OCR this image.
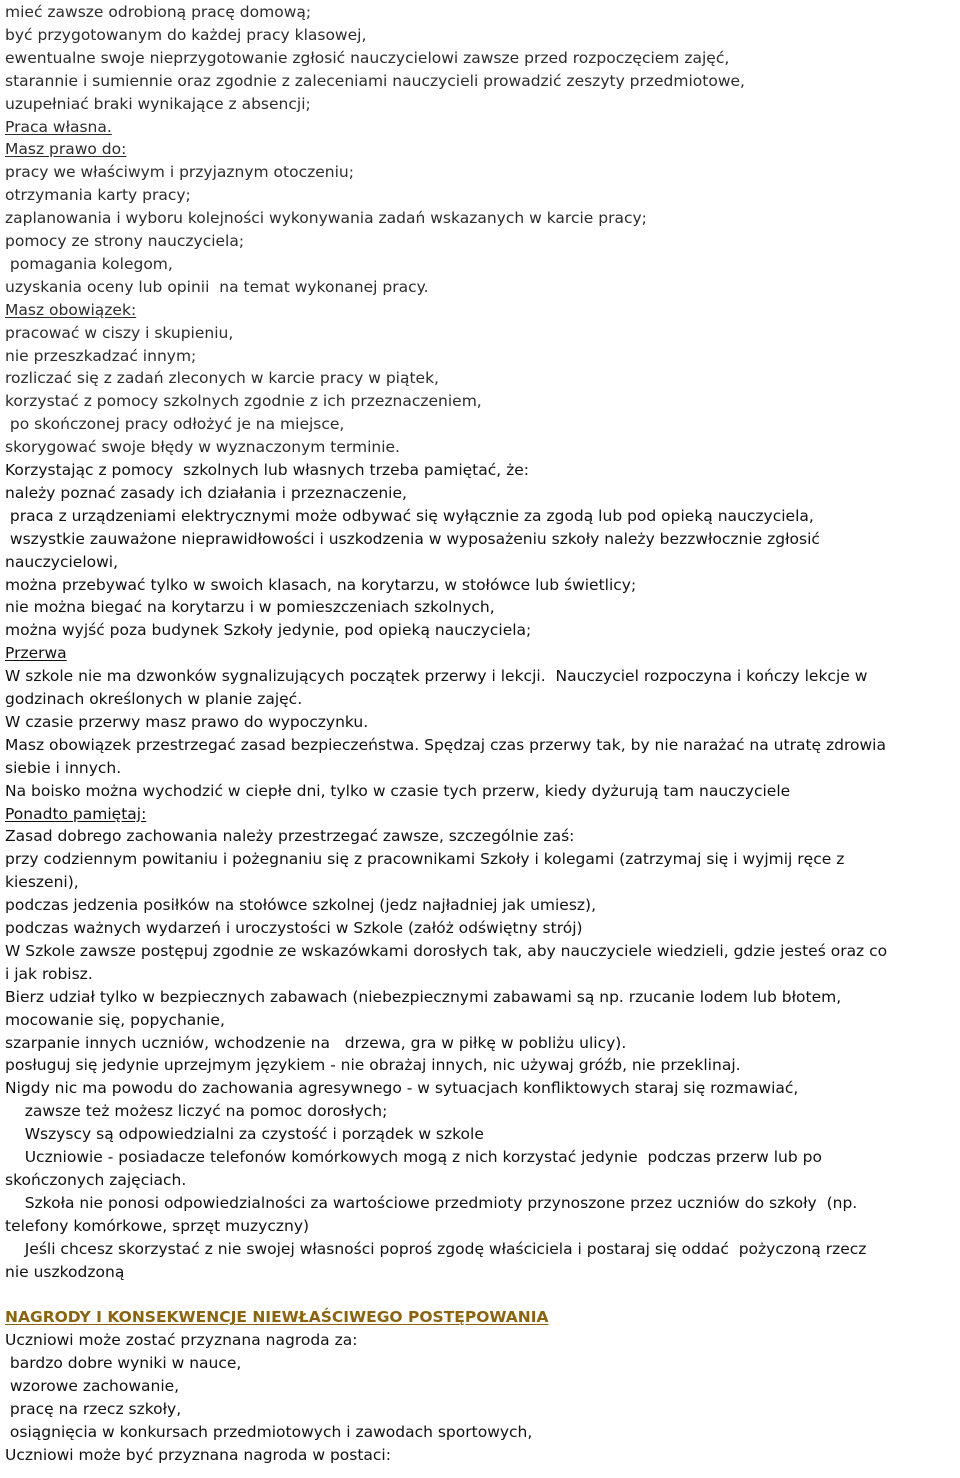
mieć zawsze odrobioną pracę domową;
być przygotowanym do każdej pracy klasowej,
ewentualne swoje nieprzygotowanie zgłosić nauczycielowi zawsze przed rozpoczęciem zajęć,
starannie i sumiennie oraz zgodnie z zaleceniami nauczycieli prowadzić zeszyty przedmiotowe,
uzupełniać braki wynikające z absencji;
Praca własna.
Masz prawo do:
pracy we właściwym i przyjaznym otoczeniu;
otrzymania karty pracy;
zaplanowania i wyboru kolejności wykonywania zadań wskazanych w karcie pracy;
pomocy ze strony nauczyciela;
pomagania kolegom,
uzyskania oceny lub opinii  na temat wykonanej pracy.
Masz obowiązek:
pracować w ciszy i skupieniu,
nie przeszkadzać innym;
rozliczać się z zadań zleconych w karcie pracy w piątek,
korzystać z pomocy szkolnych zgodnie z ich przeznaczeniem,
po skończonej pracy odłożyć je na miejsce,
skorygować swoje błędy w wyznaczonym terminie.
Korzystając z pomocy  szkolnych lub własnych trzeba pamiętać, że:
należy poznać zasady ich działania i przeznaczenie,
praca z urządzeniami elektrycznymi może odbywać się wyłącznie za zgodą lub pod opieką nauczyciela,
wszystkie zauważone nieprawidłowości i uszkodzenia w wyposażeniu szkoły należy bezzwłocznie zgłosić
nauczycielowi,
można przebywać tylko w swoich klasach, na korytarzu, w stołówce lub świetlicy;
nie można biegać na korytarzu i w pomieszczeniach szkolnych,
można wyjść poza budynek Szkoły jedynie, pod opieką nauczyciela;
Przerwa
W szkole nie ma dzwonków sygnalizujących początek przerwy i lekcji.  Nauczyciel rozpoczyna i kończy lekcje w
godzinach określonych w planie zajęć.
W czasie przerwy masz prawo do wypoczynku.
Masz obowiązek przestrzegać zasad bezpieczeństwa. Spędzaj czas przerwy tak, by nie narażać na utratę zdrowia
siebie i innych.
Na boisko można wychodzić w ciepłe dni, tylko w czasie tych przerw, kiedy dyżurują tam nauczyciele
Ponadto pamiętaj:
Zasad dobrego zachowania należy przestrzegać zawsze, szczególnie zaś:
przy codziennym powitaniu i pożegnaniu się z pracownikami Szkoły i kolegami (zatrzymaj się i wyjmij ręce z
kieszeni),
podczas jedzenia posiłków na stołówce szkolnej (jedz najładniej jak umiesz),
podczas ważnych wydarzeń i uroczystości w Szkole (załóż odświętny strój)
W Szkole zawsze postępuj zgodnie ze wskazówkami dorosłych tak, aby nauczyciele wiedzieli, gdzie jesteś oraz co
i jak robisz.
Bierz udział tylko w bezpiecznych zabawach (niebezpiecznymi zabawami są np. rzucanie lodem lub błotem,
mocowanie się, popychanie,
szarpanie innych uczniów, wchodzenie na   drzewa, gra w piłkę w pobliżu ulicy).
posługuj się jedynie uprzejmym językiem - nie obrażaj innych, nic używaj gróźb, nie przeklinaj.
Nigdy nic ma powodu do zachowania agresywnego - w sytuacjach konfliktowych staraj się rozmawiać,
zawsze też możesz liczyć na pomoc dorosłych;
Wszyscy są odpowiedzialni za czystość i porządek w szkole
Uczniowie - posiadacze telefonów komórkowych mogą z nich korzystać jedynie  podczas przerw lub po
skończonych zajęciach.
Szkoła nie ponosi odpowiedzialności za wartościowe przedmioty przynoszone przez uczniów do szkoły  (np.
telefony komórkowe, sprzęt muzyczny)
Jeśli chcesz skorzystać z nie swojej własności poproś zgodę właściciela i postaraj się oddać  pożyczoną rzecz
nie uszkodzoną
NAGRODY I KONSEKWENCJE NIEWŁAŚCIWEGO POSTĘPOWANIA
Uczniowi może zostać przyznana nagroda za:
bardzo dobre wyniki w nauce,
wzorowe zachowanie,
pracę na rzecz szkoły,
osiągnięcia w konkursach przedmiotowych i zawodach sportowych,
Uczniowi może być przyznana nagroda w postaci:
